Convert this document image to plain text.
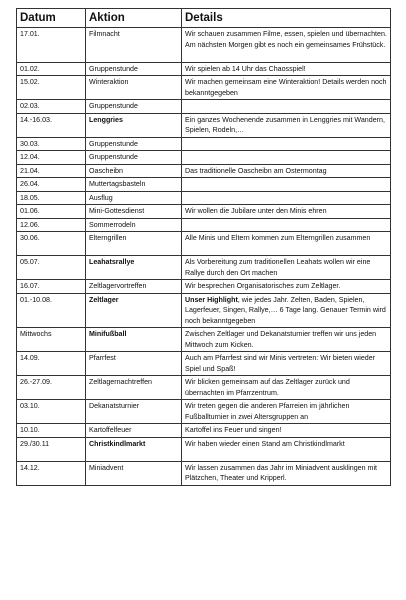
Datum	Aktion	Details
17.01.	Filmnacht	Wir schauen zusammen Filme, essen, spielen und übernachten. Am nächsten Morgen gibt es noch ein gemeinsames Frühstück.
01.02.	Gruppenstunde	Wir spielen ab 14 Uhr das Chaosspiel!
15.02.	Winteraktion	Wir machen gemeinsam eine Winteraktion! Details werden noch bekanntgegeben
02.03.	Gruppenstunde	
14.-16.03.	Lenggries	Ein ganzes Wochenende zusammen in Lenggries mit Wandern, Spielen, Rodeln,…
30.03.	Gruppenstunde	
12.04.	Gruppenstunde	
21.04.	Oascheibn	Das traditionelle Oascheibn am Ostermontag
26.04.	Muttertagsbasteln	
18.05.	Ausflug	
01.06.	Mini-Gottesdienst	Wir wollen die Jubilare unter den Minis ehren
12.06.	Sommerrodeln	
30.06.	Elterngrillen	Alle Minis und Eltern kommen zum Elterngrillen zusammen
05.07.	Leahatsrallye	Als Vorbereitung zum traditionellen Leahats wollen wir eine Rallye durch den Ort machen
16.07.	Zeltlagervortreffen	Wir besprechen Organisatorisches zum Zeltlager.
01.-10.08.	Zeltlager	Unser Highlight, wie jedes Jahr. Zelten, Baden, Spielen, Lagerfeuer, Singen, Rallye,… 6 Tage lang. Genauer Termin wird noch bekanntgegeben
Mittwochs	Minifußball	Zwischen Zeltlager und Dekanatsturnier treffen wir uns jeden Mittwoch zum Kicken.
14.09.	Pfarrfest	Auch am Pfarrfest sind wir Minis vertreten: Wir bieten wieder Spiel und Spaß!
26.-27.09.	Zeltlagernachtreffen	Wir blicken gemeinsam auf das Zeltlager zurück und übernachten im Pfarrzentrum.
03.10.	Dekanatsturnier	Wir treten gegen die anderen Pfarreien im jährlichen Fußballturnier in zwei Altersgruppen an
10.10.	Kartoffelfeuer	Kartoffel ins Feuer und singen!
29./30.11	Christkindlmarkt	Wir haben wieder einen Stand am Christkindlmarkt
14.12.	Miniadvent	Wir lassen zusammen das Jahr im Miniadvent ausklingen mit Plätzchen, Theater und Kripperl.
